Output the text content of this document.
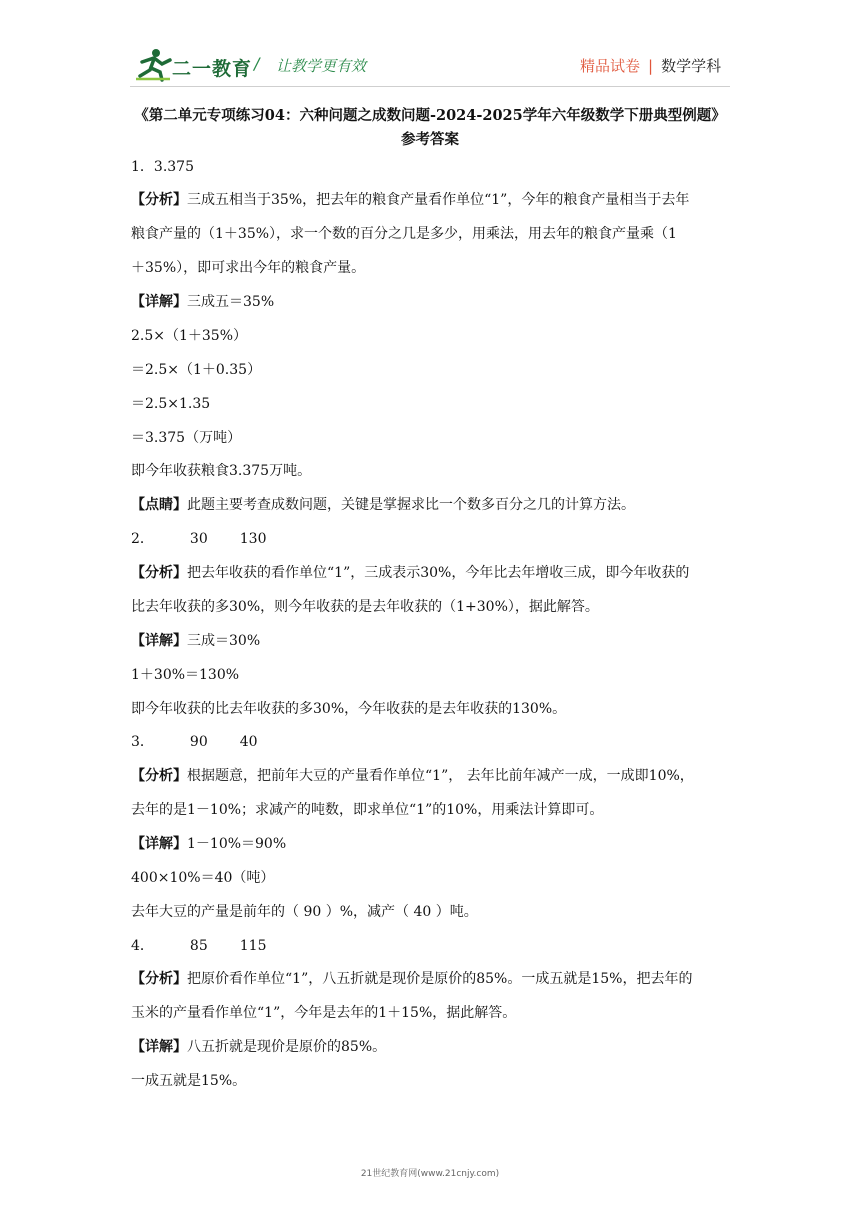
二一教育 / 让教学更有效	精品试卷 | 数学学科
《第二单元专项练习04：六种问题之成数问题-2024-2025学年六年级数学下册典型例题》
参考答案
1．3.375
【分析】三成五相当于35%，把去年的粮食产量看作单位“1”，今年的粮食产量相当于去年
粮食产量的（1＋35%），求一个数的百分之几是多少，用乘法，用去年的粮食产量乘（1
＋35%），即可求出今年的粮食产量。
【详解】三成五＝35%
2.5×（1＋35%）
＝2.5×（1＋0.35）
＝2.5×1.35
＝3.375（万吨）
即今年收获粮食3.375万吨。
【点睛】此题主要考查成数问题，关键是掌握求比一个数多百分之几的计算方法。
2．	30 130
【分析】把去年收获的看作单位“1”，三成表示30%，今年比去年增收三成，即今年收获的
比去年收获的多30%，则今年收获的是去年收获的（1+30%），据此解答。
【详解】三成＝30%
1＋30%＝130%
即今年收获的比去年收获的多30%，今年收获的是去年收获的130%。
3．	90 40
【分析】根据题意，把前年大豆的产量看作单位“1”， 去年比前年减产一成，一成即10%，
去年的是1－10%；求减产的吨数，即求单位“1”的10%，用乘法计算即可。
【详解】1－10%＝90%
400×10%＝40（吨）
去年大豆的产量是前年的（ 90 ）%，减产（ 40 ）吨。
4．	85 115
【分析】把原价看作单位“1”，八五折就是现价是原价的85%。一成五就是15%，把去年的
玉米的产量看作单位“1”，今年是去年的1＋15%，据此解答。
【详解】八五折就是现价是原价的85%。
一成五就是15%。
21世纪教育网(www.21cnjy.com)
